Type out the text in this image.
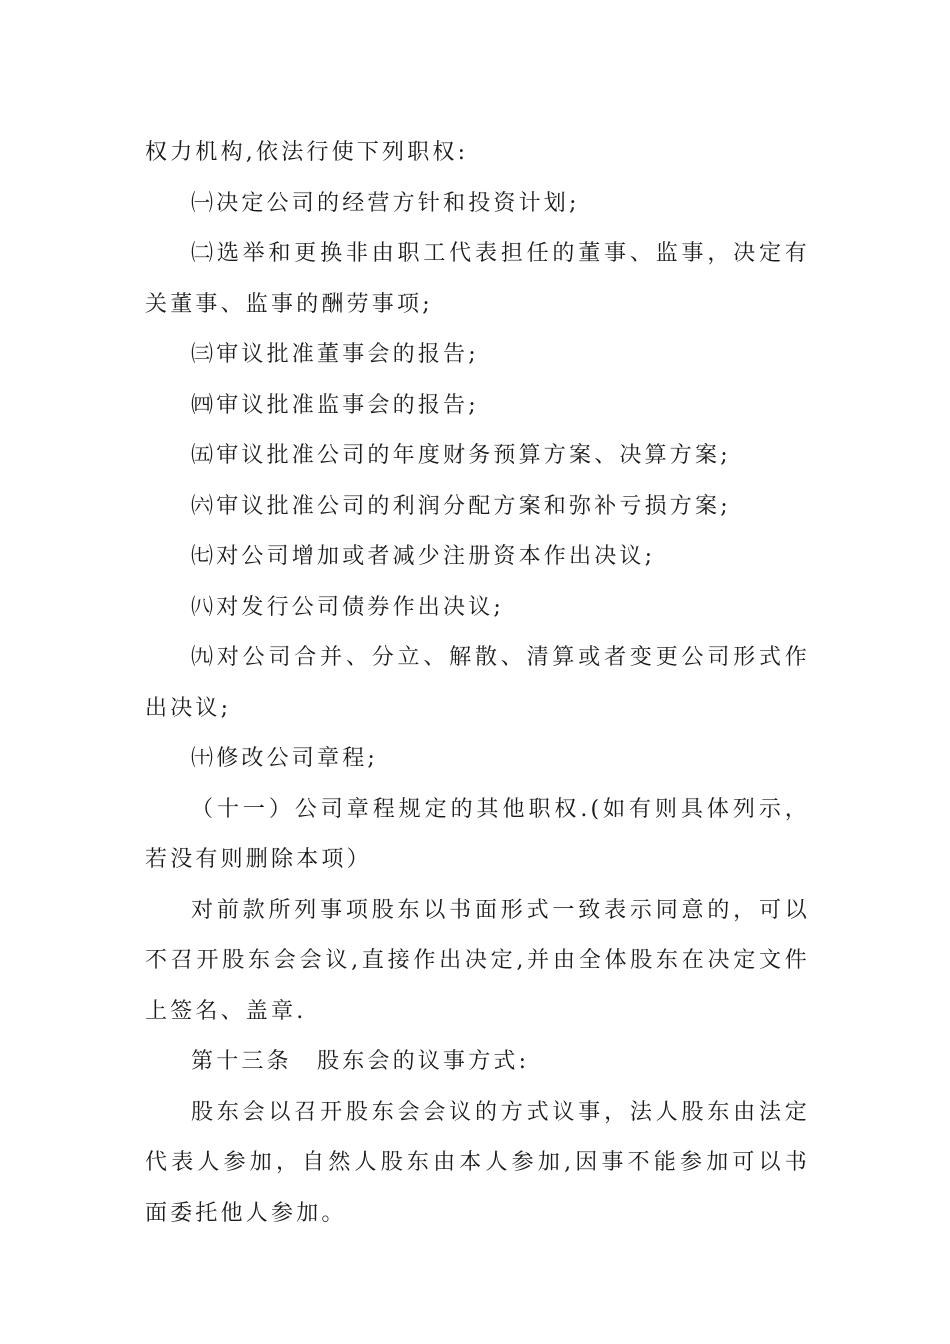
权力机构,依法行使下列职权:

㈠决定公司的经营方针和投资计划;

㈡选举和更换非由职工代表担任的董事、监事，决定有关董事、监事的酬劳事项;

㈢审议批准董事会的报告;

㈣审议批准监事会的报告;

㈤审议批准公司的年度财务预算方案、决算方案;

㈥审议批准公司的利润分配方案和弥补亏损方案;

㈦对公司增加或者减少注册资本作出决议;

㈧对发行公司债券作出决议;

㈨对公司合并、分立、解散、清算或者变更公司形式作出决议;

㈩修改公司章程;

（十一）公司章程规定的其他职权.(如有则具体列示，若没有则删除本项）

对前款所列事项股东以书面形式一致表示同意的，可以不召开股东会会议,直接作出决定,并由全体股东在决定文件上签名、盖章.

第十三条　股东会的议事方式:

股东会以召开股东会会议的方式议事，法人股东由法定代表人参加，自然人股东由本人参加,因事不能参加可以书面委托他人参加。
